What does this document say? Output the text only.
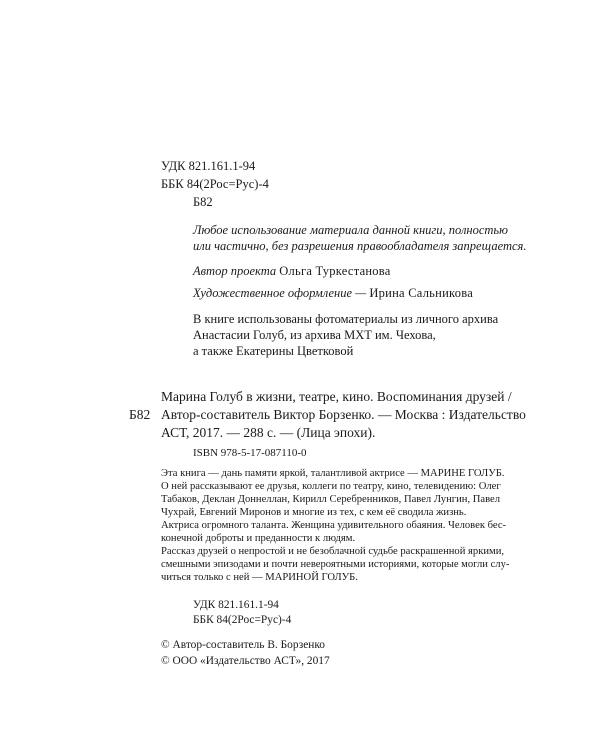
УДК 821.161.1-94
ББК 84(2Рос=Рус)-4
Б82
Любое использование материала данной книги, полностью
или частично, без разрешения правообладателя запрещается.
Автор проекта Ольга Туркестанова
Художественное оформление — Ирина Сальникова
В книге использованы фотоматериалы из личного архива
Анастасии Голуб, из архива МХТ им. Чехова,
а также Екатерины Цветковой
Б82
Марина Голуб в жизни, театре, кино. Воспоминания друзей /
Автор-составитель Виктор Борзенко. — Москва : Издательство
АСТ, 2017. — 288 с. — (Лица эпохи).
ISBN 978-5-17-087110-0
Эта книга — дань памяти яркой, талантливой актрисе — МАРИНЕ ГОЛУБ.
О ней рассказывают ее друзья, коллеги по театру, кино, телевидению: Олег
Табаков, Деклан Доннеллан, Кирилл Серебренников, Павел Лунгин, Павел
Чухрай, Евгений Миронов и многие из тех, с кем её сводила жизнь.
Актриса огромного таланта. Женщина удивительного обаяния. Человек бес-
конечной доброты и преданности к людям.
Рассказ друзей о непростой и не безоблачной судьбе раскрашенной яркими,
смешными эпизодами и почти невероятными историями, которые могли слу-
читься только с ней — МАРИНОЙ ГОЛУБ.
УДК 821.161.1-94
ББК 84(2Рос=Рус)-4
© Автор-составитель В. Борзенко
© ООО «Издательство АСТ», 2017
